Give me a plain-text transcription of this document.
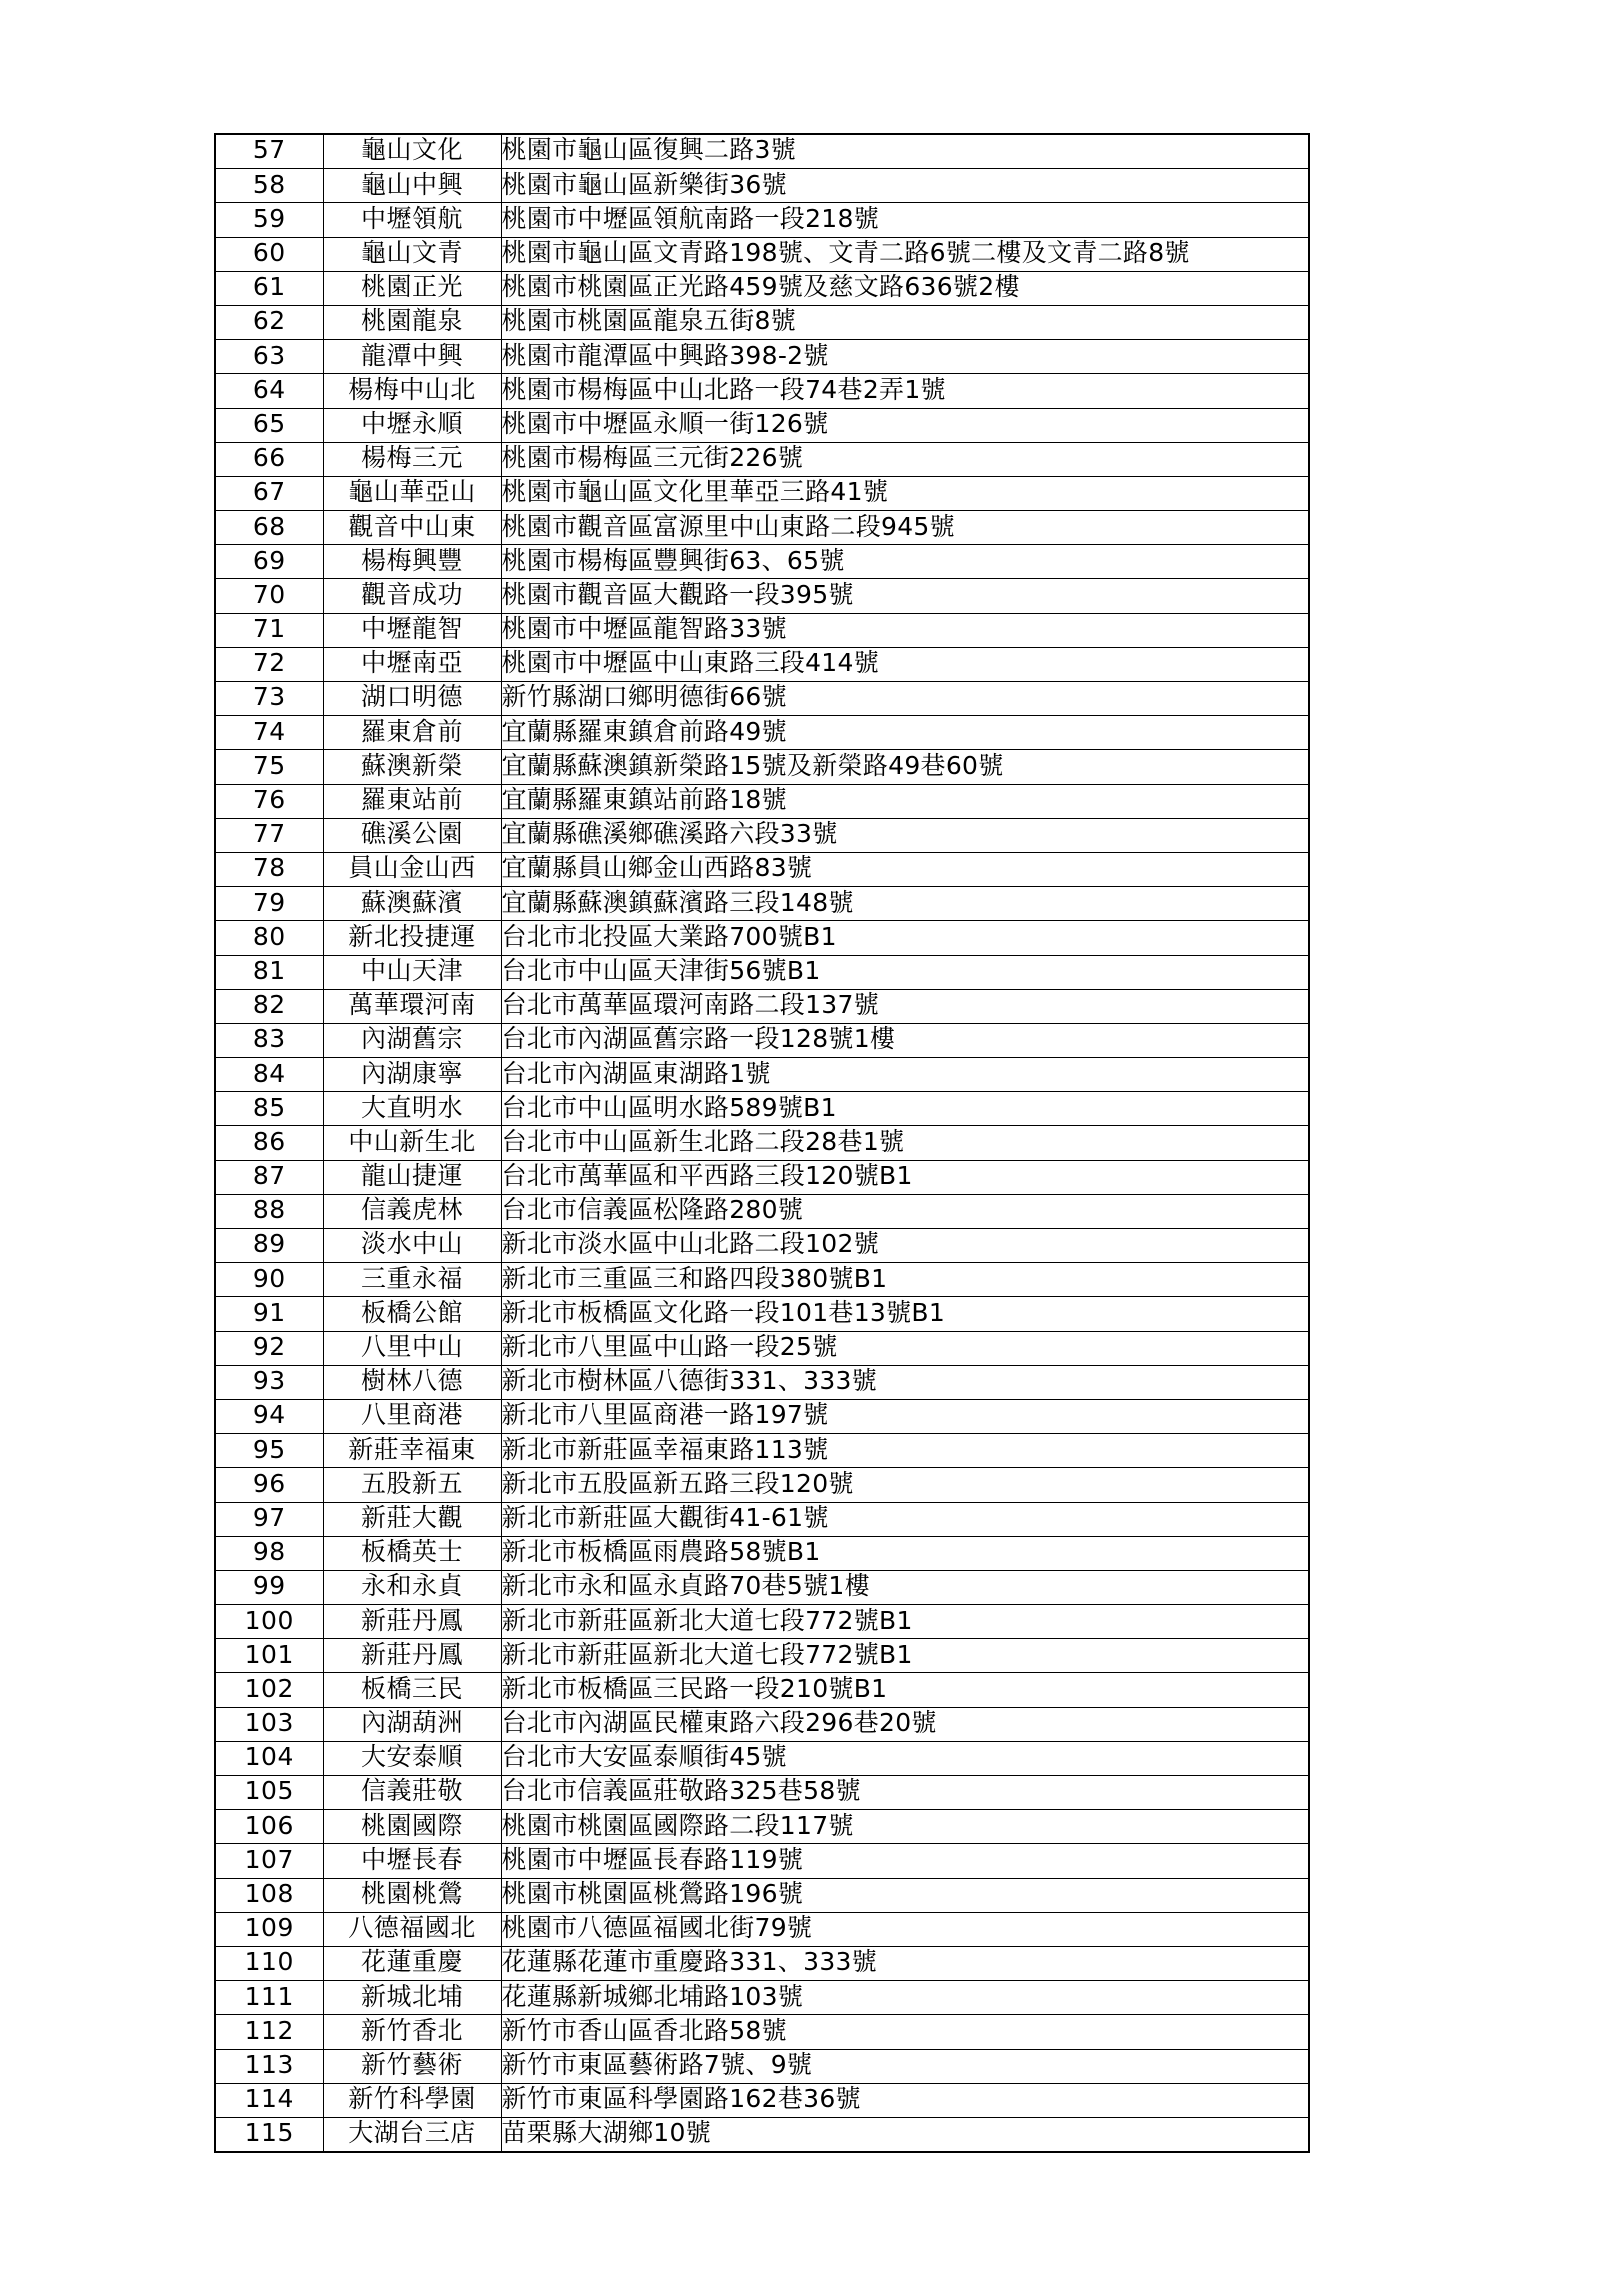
57	龜山文化	桃園市龜山區復興二路3號
58	龜山中興	桃園市龜山區新樂街36號
59	中壢領航	桃園市中壢區領航南路一段218號
60	龜山文青	桃園市龜山區文青路198號、文青二路6號二樓及文青二路8號
61	桃園正光	桃園市桃園區正光路459號及慈文路636號2樓
62	桃園龍泉	桃園市桃園區龍泉五街8號
63	龍潭中興	桃園市龍潭區中興路398-2號
64	楊梅中山北	桃園市楊梅區中山北路一段74巷2弄1號
65	中壢永順	桃園市中壢區永順一街126號
66	楊梅三元	桃園市楊梅區三元街226號
67	龜山華亞山	桃園市龜山區文化里華亞三路41號
68	觀音中山東	桃園市觀音區富源里中山東路二段945號
69	楊梅興豐	桃園市楊梅區豐興街63、65號
70	觀音成功	桃園市觀音區大觀路一段395號
71	中壢龍智	桃園市中壢區龍智路33號
72	中壢南亞	桃園市中壢區中山東路三段414號
73	湖口明德	新竹縣湖口鄉明德街66號
74	羅東倉前	宜蘭縣羅東鎮倉前路49號
75	蘇澳新榮	宜蘭縣蘇澳鎮新榮路15號及新榮路49巷60號
76	羅東站前	宜蘭縣羅東鎮站前路18號
77	礁溪公園	宜蘭縣礁溪鄉礁溪路六段33號
78	員山金山西	宜蘭縣員山鄉金山西路83號
79	蘇澳蘇濱	宜蘭縣蘇澳鎮蘇濱路三段148號
80	新北投捷運	台北市北投區大業路700號B1
81	中山天津	台北市中山區天津街56號B1
82	萬華環河南	台北市萬華區環河南路二段137號
83	內湖舊宗	台北市內湖區舊宗路一段128號1樓
84	內湖康寧	台北市內湖區東湖路1號
85	大直明水	台北市中山區明水路589號B1
86	中山新生北	台北市中山區新生北路二段28巷1號
87	龍山捷運	台北市萬華區和平西路三段120號B1
88	信義虎林	台北市信義區松隆路280號
89	淡水中山	新北市淡水區中山北路二段102號
90	三重永福	新北市三重區三和路四段380號B1
91	板橋公館	新北市板橋區文化路一段101巷13號B1
92	八里中山	新北市八里區中山路一段25號
93	樹林八德	新北市樹林區八德街331、333號
94	八里商港	新北市八里區商港一路197號
95	新莊幸福東	新北市新莊區幸福東路113號
96	五股新五	新北市五股區新五路三段120號
97	新莊大觀	新北市新莊區大觀街41-61號
98	板橋英士	新北市板橋區雨農路58號B1
99	永和永貞	新北市永和區永貞路70巷5號1樓
100	新莊丹鳳	新北市新莊區新北大道七段772號B1
101	新莊丹鳳	新北市新莊區新北大道七段772號B1
102	板橋三民	新北市板橋區三民路一段210號B1
103	內湖葫洲	台北市內湖區民權東路六段296巷20號
104	大安泰順	台北市大安區泰順街45號
105	信義莊敬	台北市信義區莊敬路325巷58號
106	桃園國際	桃園市桃園區國際路二段117號
107	中壢長春	桃園市中壢區長春路119號
108	桃園桃鶯	桃園市桃園區桃鶯路196號
109	八德福國北	桃園市八德區福國北街79號
110	花蓮重慶	花蓮縣花蓮市重慶路331、333號
111	新城北埔	花蓮縣新城鄉北埔路103號
112	新竹香北	新竹市香山區香北路58號
113	新竹藝術	新竹市東區藝術路7號、9號
114	新竹科學園	新竹市東區科學園路162巷36號
115	大湖台三店	苗栗縣大湖鄉10號
